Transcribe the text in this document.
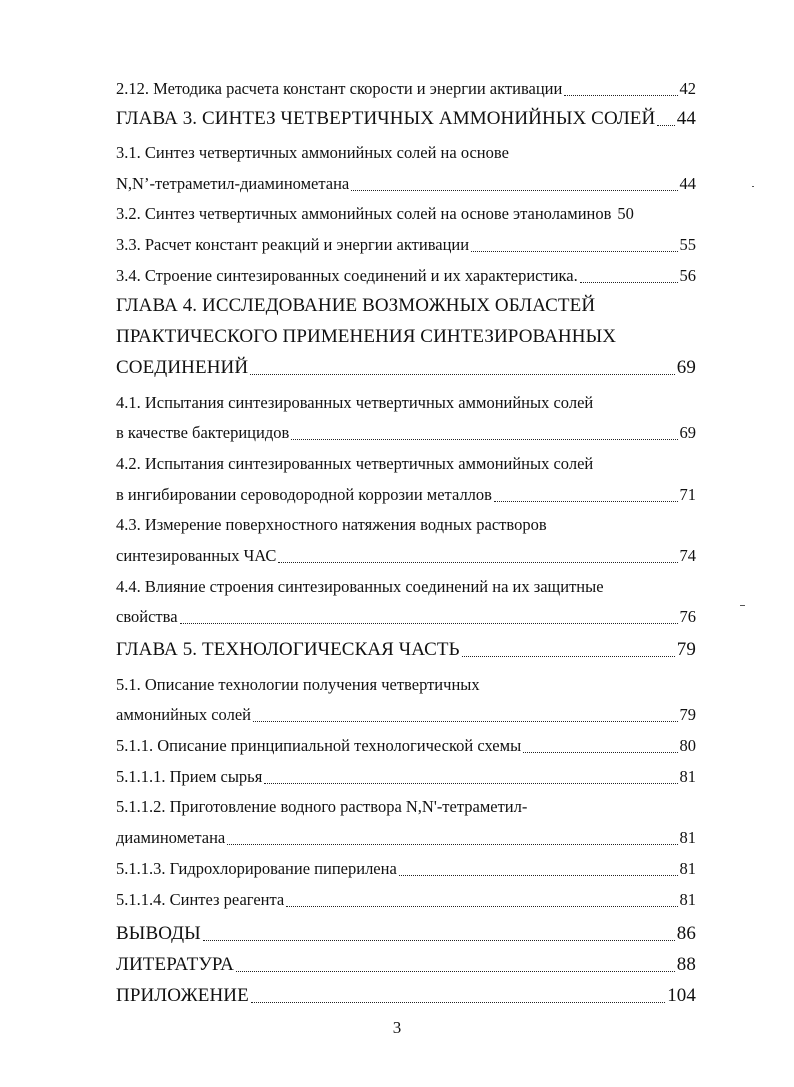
2.12. Методика расчета констант скорости и энергии активации	42
ГЛАВА 3. СИНТЕЗ ЧЕТВЕРТИЧНЫХ АММОНИЙНЫХ СОЛЕЙ 44
3.1. Синтез четвертичных аммонийных солей на основе
N,N’-тетраметил-диаминометана	44
3.2. Синтез четвертичных аммонийных солей на основе этаноламинов 50
3.3. Расчет констант реакций и энергии активации	55
3.4. Строение синтезированных соединений и их характеристика.	56
ГЛАВА 4. ИССЛЕДОВАНИЕ ВОЗМОЖНЫХ ОБЛАСТЕЙ
ПРАКТИЧЕСКОГО ПРИМЕНЕНИЯ СИНТЕЗИРОВАННЫХ
СОЕДИНЕНИЙ	69
4.1. Испытания синтезированных четвертичных аммонийных солей
в качестве бактерицидов	69
4.2. Испытания синтезированных четвертичных аммонийных солей
в ингибировании сероводородной коррозии металлов	71
4.3. Измерение поверхностного натяжения водных растворов
синтезированных ЧАС	74
4.4. Влияние строения синтезированных соединений на их защитные
свойства	76
ГЛАВА 5. ТЕХНОЛОГИЧЕСКАЯ ЧАСТЬ	79
5.1. Описание технологии получения четвертичных
аммонийных солей	79
5.1.1. Описание принципиальной технологической схемы	80
5.1.1.1. Прием сырья	81
5.1.1.2. Приготовление водного раствора N,N'-тетраметил-
диаминометана	81
5.1.1.3. Гидрохлорирование пиперилена	81
5.1.1.4. Синтез реагента	81
ВЫВОДЫ	86
ЛИТЕРАТУРА	88
ПРИЛОЖЕНИЕ	104
3
